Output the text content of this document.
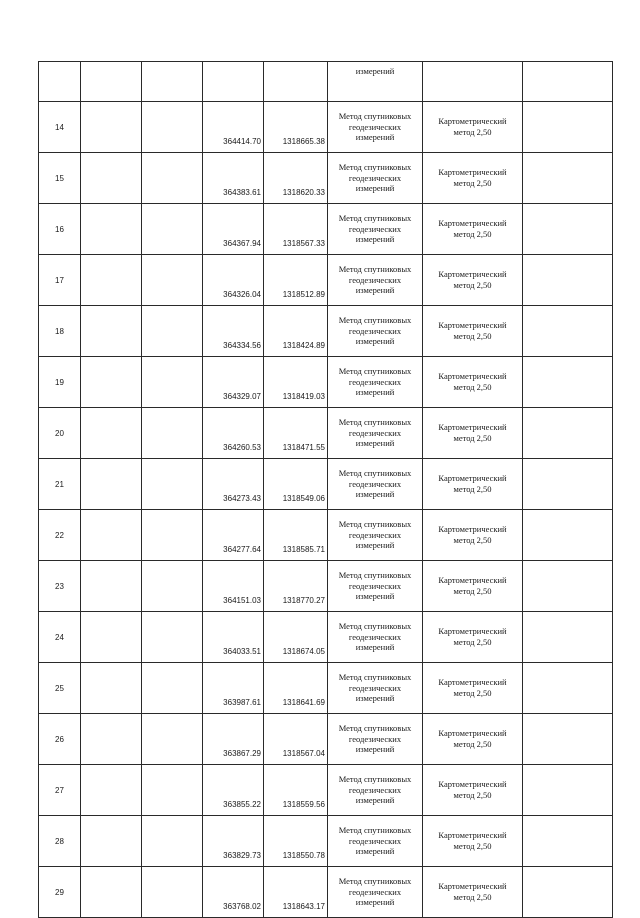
					измерений		
14			364414.70	1318665.38	Метод спутниковых
геодезических
измерений	Картометрический
метод 2,50	

15			364383.61	1318620.33	Метод спутниковых
геодезических
измерений	Картометрический
метод 2,50	

16			364367.94	1318567.33	Метод спутниковых
геодезических
измерений	Картометрический
метод 2,50	

17			364326.04	1318512.89	Метод спутниковых
геодезических
измерений	Картометрический
метод 2,50	

18			364334.56	1318424.89	Метод спутниковых
геодезических
измерений	Картометрический
метод 2,50	

19			364329.07	1318419.03	Метод спутниковых
геодезических
измерений	Картометрический
метод 2,50	

20			364260.53	1318471.55	Метод спутниковых
геодезических
измерений	Картометрический
метод 2,50	

21			364273.43	1318549.06	Метод спутниковых
геодезических
измерений	Картометрический
метод 2,50	

22			364277.64	1318585.71	Метод спутниковых
геодезических
измерений	Картометрический
метод 2,50	

23			364151.03	1318770.27	Метод спутниковых
геодезических
измерений	Картометрический
метод 2,50	

24			364033.51	1318674.05	Метод спутниковых
геодезических
измерений	Картометрический
метод 2,50	

25			363987.61	1318641.69	Метод спутниковых
геодезических
измерений	Картометрический
метод 2,50	

26			363867.29	1318567.04	Метод спутниковых
геодезических
измерений	Картометрический
метод 2,50	

27			363855.22	1318559.56	Метод спутниковых
геодезических
измерений	Картометрический
метод 2,50	

28			363829.73	1318550.78	Метод спутниковых
геодезических
измерений	Картометрический
метод 2,50	

29			363768.02	1318643.17	Метод спутниковых
геодезических
измерений	Картометрический
метод 2,50	
